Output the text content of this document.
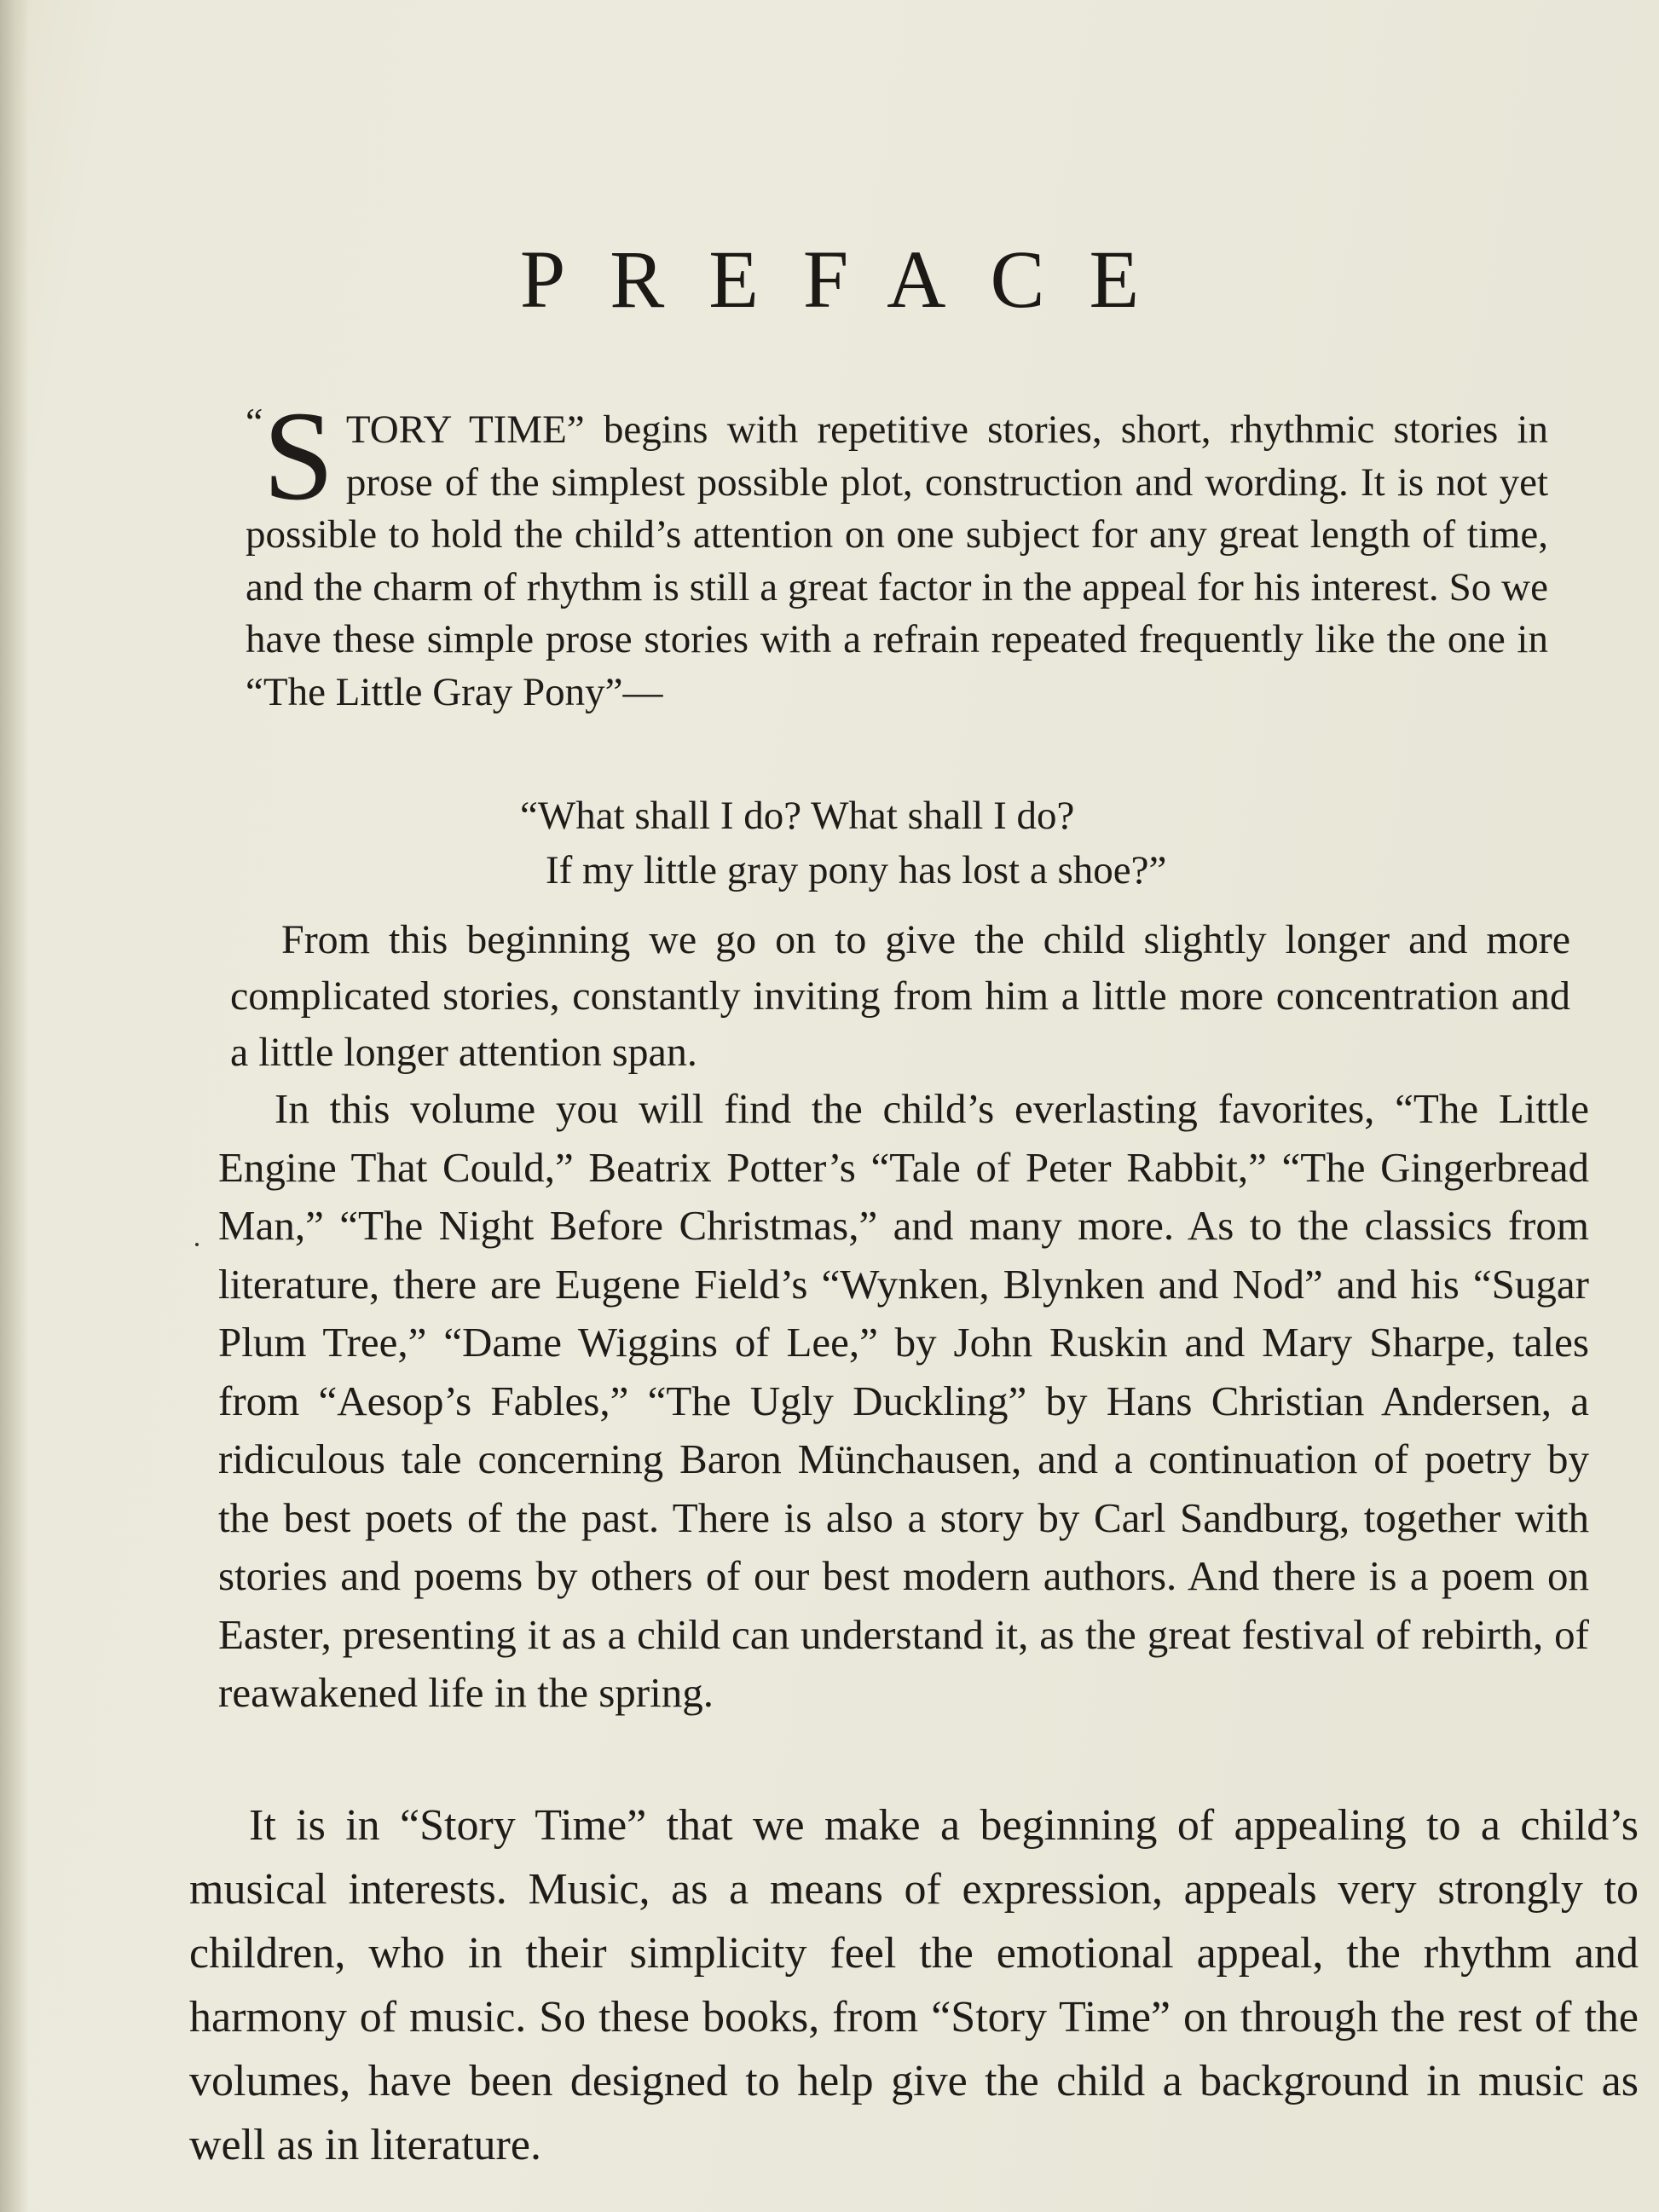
PREFACE
“S TORY TIME” begins with repetitive stories, short, rhythmic stories in prose of the simplest possible plot, construction and wording. It is not yet possible to hold the child’s attention on one subject for any great length of time, and the charm of rhythm is still a great factor in the appeal for his interest. So we have these simple prose stories with a refrain repeated frequently like the one in “The Little Gray Pony”—
“What shall I do? What shall I do?
If my little gray pony has lost a shoe?”
From this beginning we go on to give the child slightly longer and more complicated stories, constantly inviting from him a little more concentration and a little longer attention span.
In this volume you will find the child’s everlasting favorites, “The Little Engine That Could,” Beatrix Potter’s “Tale of Peter Rabbit,” “The Gingerbread Man,” “The Night Before Christmas,” and many more. As to the classics from literature, there are Eugene Field’s “Wynken, Blynken and Nod” and his “Sugar Plum Tree,” “Dame Wiggins of Lee,” by John Ruskin and Mary Sharpe, tales from “Aesop’s Fables,” “The Ugly Duckling” by Hans Christian Andersen, a ridiculous tale concerning Baron Münchausen, and a continuation of poetry by the best poets of the past. There is also a story by Carl Sandburg, together with stories and poems by others of our best modern authors. And there is a poem on Easter, presenting it as a child can understand it, as the great festival of rebirth, of reawakened life in the spring.
It is in “Story Time” that we make a beginning of appealing to a child’s musical interests. Music, as a means of expression, appeals very strongly to children, who in their simplicity feel the emotional appeal, the rhythm and harmony of music. So these books, from “Story Time” on through the rest of the volumes, have been designed to help give the child a background in music as well as in literature.
